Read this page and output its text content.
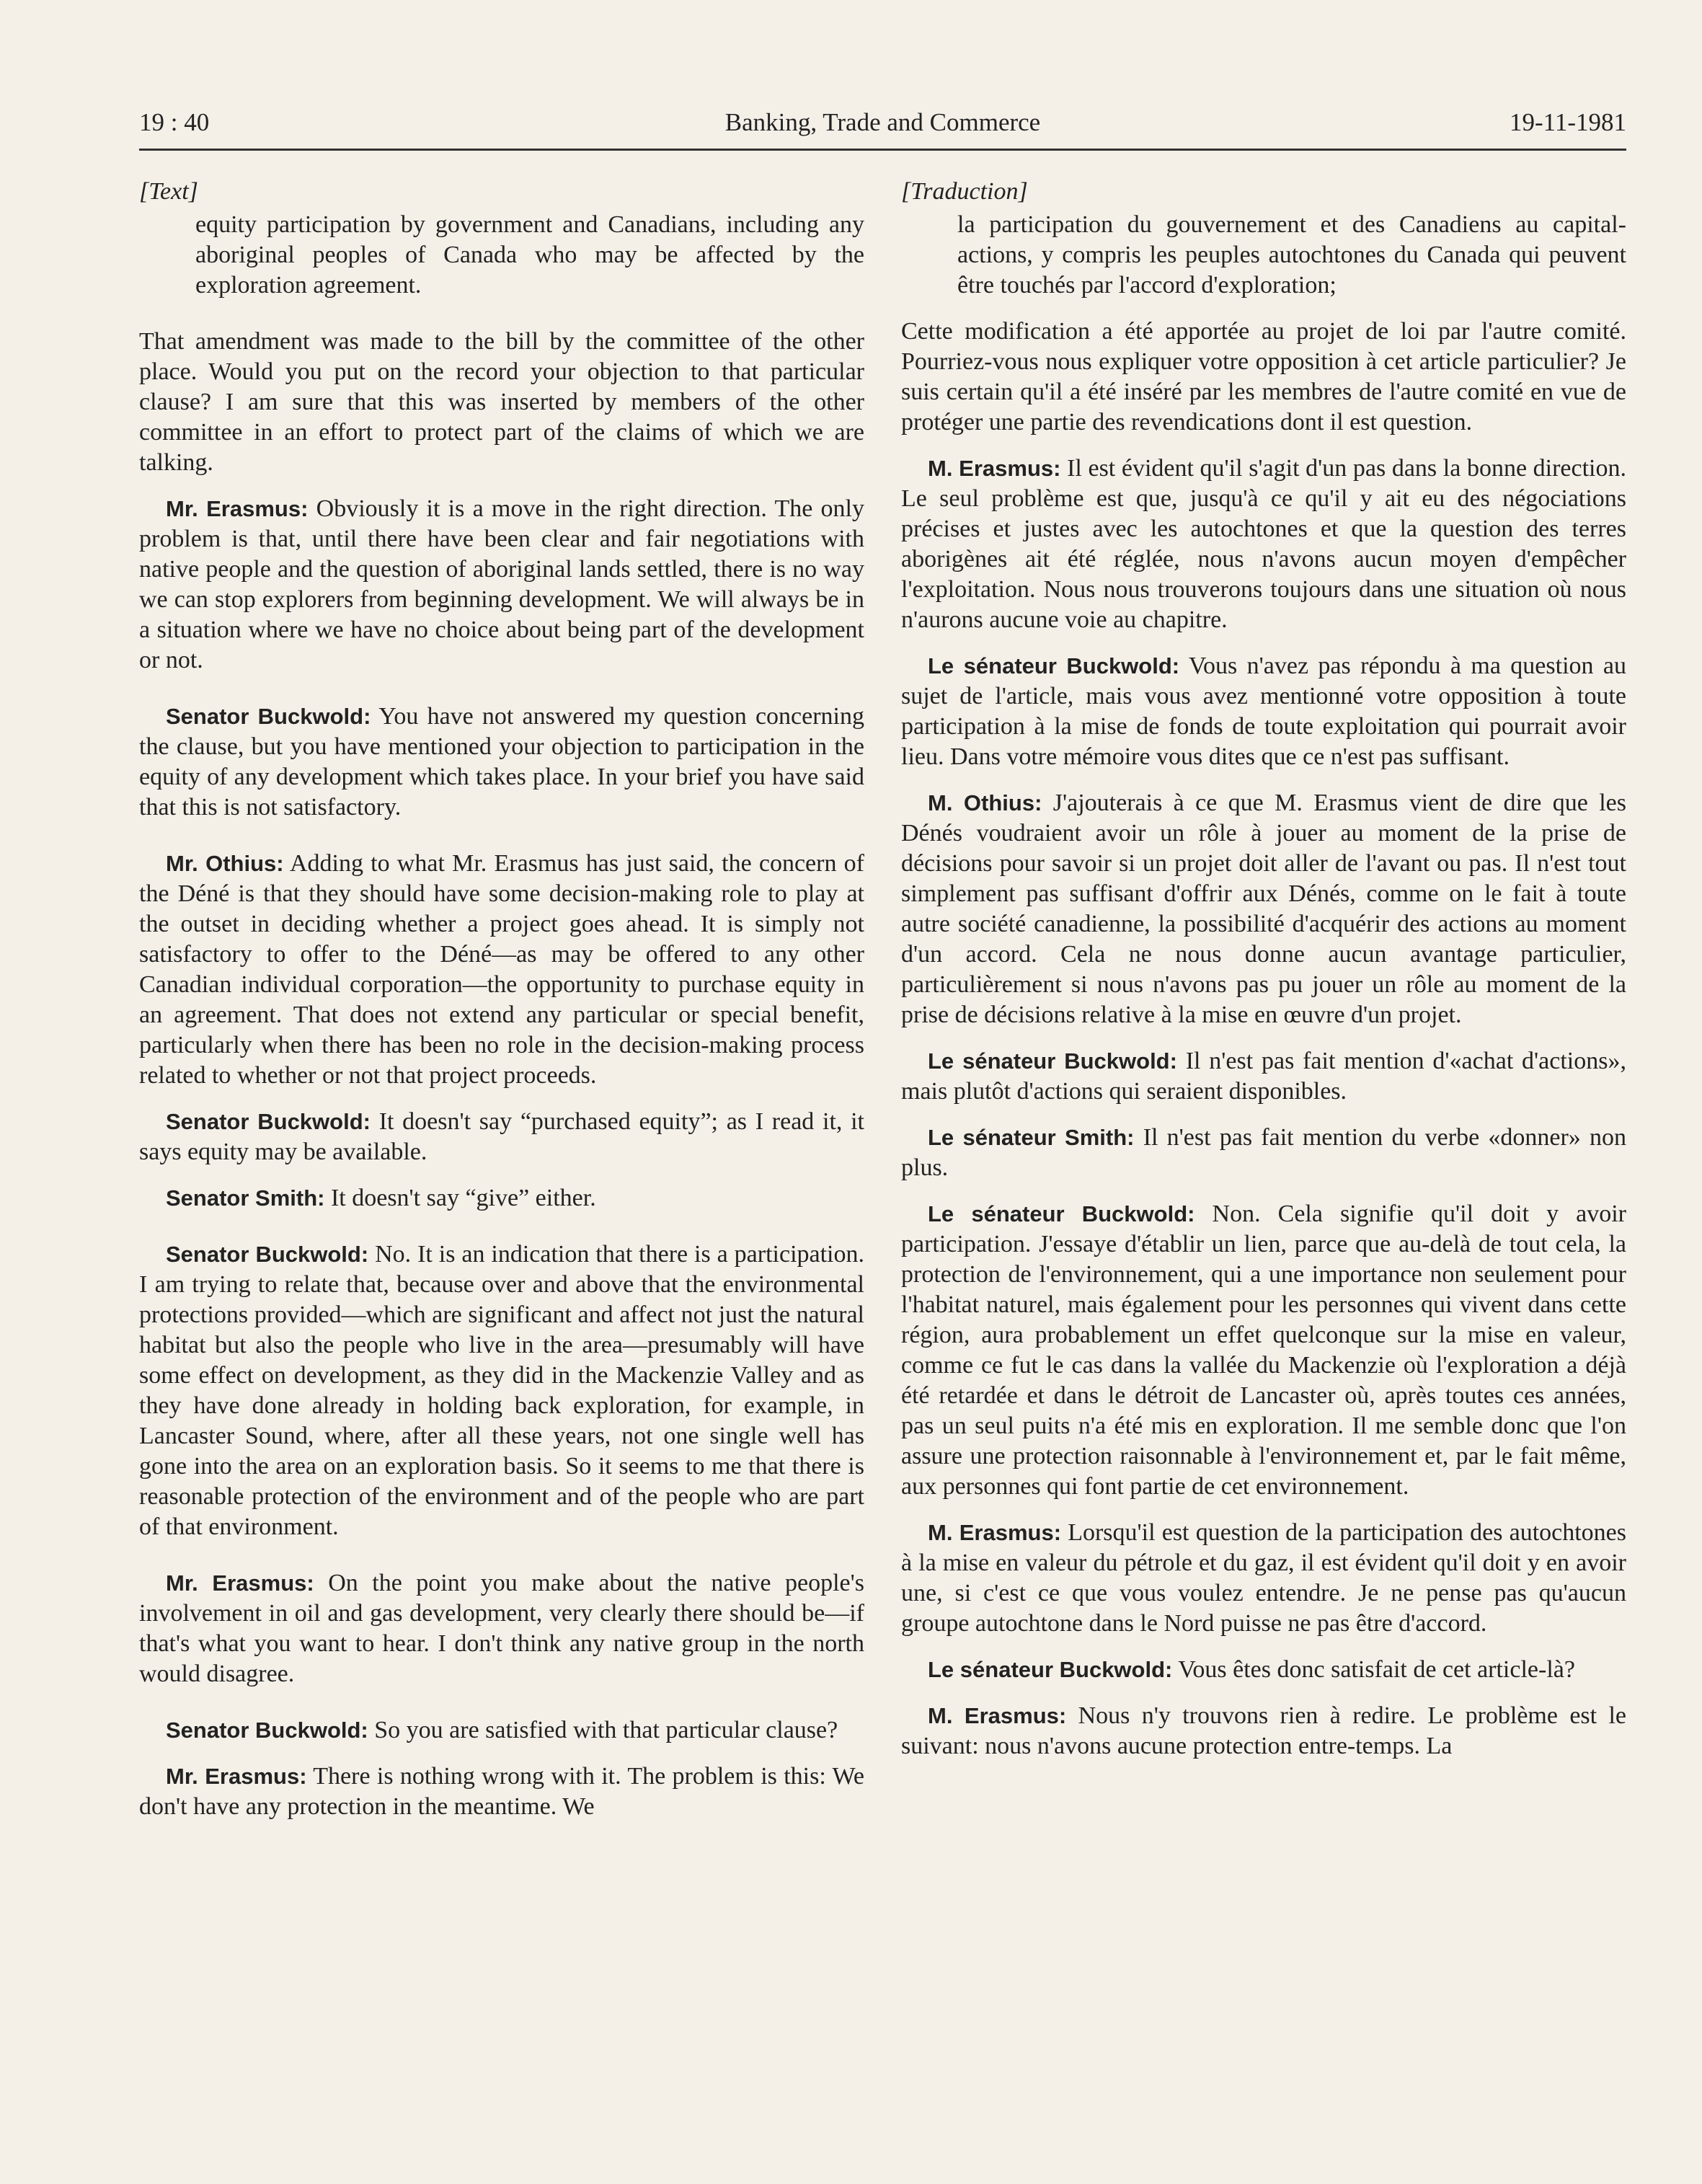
19 : 40	Banking, Trade and Commerce	19-11-1981

[ Text ]

equity participation by government and Canadians, including any aboriginal peoples of Canada who may be affected by the exploration agreement.

That amendment was made to the bill by the committee of the other place. Would you put on the record your objection to that particular clause? I am sure that this was inserted by members of the other committee in an effort to protect part of the claims of which we are talking.

Mr. Erasmus: Obviously it is a move in the right direction. The only problem is that, until there have been clear and fair negotiations with native people and the question of aboriginal lands settled, there is no way we can stop explorers from beginning development. We will always be in a situation where we have no choice about being part of the development or not.

Senator Buckwold: You have not answered my question concerning the clause, but you have mentioned your objection to participation in the equity of any development which takes place. In your brief you have said that this is not satisfactory.

Mr. Othius: Adding to what Mr. Erasmus has just said, the concern of the Déné is that they should have some decision-making role to play at the outset in deciding whether a project goes ahead. It is simply not satisfactory to offer to the Déné—as may be offered to any other Canadian individual corporation—the opportunity to purchase equity in an agreement. That does not extend any particular or special benefit, particularly when there has been no role in the decision-making process related to whether or not that project proceeds.

Senator Buckwold: It doesn't say “purchased equity”; as I read it, it says equity may be available.

Senator Smith: It doesn't say “give” either.

Senator Buckwold: No. It is an indication that there is a participation. I am trying to relate that, because over and above that the environmental protections provided—which are significant and affect not just the natural habitat but also the people who live in the area—presumably will have some effect on development, as they did in the Mackenzie Valley and as they have done already in holding back exploration, for example, in Lancaster Sound, where, after all these years, not one single well has gone into the area on an exploration basis. So it seems to me that there is reasonable protection of the environment and of the people who are part of that environment.

Mr. Erasmus: On the point you make about the native people's involvement in oil and gas development, very clearly there should be—if that's what you want to hear. I don't think any native group in the north would disagree.

Senator Buckwold: So you are satisfied with that particular clause?

Mr. Erasmus: There is nothing wrong with it. The problem is this: We don't have any protection in the meantime. We

[ Traduction ]

la participation du gouvernement et des Canadiens au capital-actions, y compris les peuples autochtones du Canada qui peuvent être touchés par l'accord d'exploration;

Cette modification a été apportée au projet de loi par l'autre comité. Pourriez-vous nous expliquer votre opposition à cet article particulier? Je suis certain qu'il a été inséré par les membres de l'autre comité en vue de protéger une partie des revendications dont il est question.

M. Erasmus: Il est évident qu'il s'agit d'un pas dans la bonne direction. Le seul problème est que, jusqu'à ce qu'il y ait eu des négociations précises et justes avec les autochtones et que la question des terres aborigènes ait été réglée, nous n'avons aucun moyen d'empêcher l'exploitation. Nous nous trouverons toujours dans une situation où nous n'aurons aucune voie au chapitre.

Le sénateur Buckwold: Vous n'avez pas répondu à ma question au sujet de l'article, mais vous avez mentionné votre opposition à toute participation à la mise de fonds de toute exploitation qui pourrait avoir lieu. Dans votre mémoire vous dites que ce n'est pas suffisant.

M. Othius: J'ajouterais à ce que M. Erasmus vient de dire que les Dénés voudraient avoir un rôle à jouer au moment de la prise de décisions pour savoir si un projet doit aller de l'avant ou pas. Il n'est tout simplement pas suffisant d'offrir aux Dénés, comme on le fait à toute autre société canadienne, la possibilité d'acquérir des actions au moment d'un accord. Cela ne nous donne aucun avantage particulier, particulièrement si nous n'avons pas pu jouer un rôle au moment de la prise de décisions relative à la mise en œuvre d'un projet.

Le sénateur Buckwold: Il n'est pas fait mention d'«achat d'actions», mais plutôt d'actions qui seraient disponibles.

Le sénateur Smith: Il n'est pas fait mention du verbe «donner» non plus.

Le sénateur Buckwold: Non. Cela signifie qu'il doit y avoir participation. J'essaye d'établir un lien, parce que au-delà de tout cela, la protection de l'environnement, qui a une importance non seulement pour l'habitat naturel, mais également pour les personnes qui vivent dans cette région, aura probablement un effet quelconque sur la mise en valeur, comme ce fut le cas dans la vallée du Mackenzie où l'exploration a déjà été retardée et dans le détroit de Lancaster où, après toutes ces années, pas un seul puits n'a été mis en exploration. Il me semble donc que l'on assure une protection raisonnable à l'environnement et, par le fait même, aux personnes qui font partie de cet environnement.

M. Erasmus: Lorsqu'il est question de la participation des autochtones à la mise en valeur du pétrole et du gaz, il est évident qu'il doit y en avoir une, si c'est ce que vous voulez entendre. Je ne pense pas qu'aucun groupe autochtone dans le Nord puisse ne pas être d'accord.

Le sénateur Buckwold: Vous êtes donc satisfait de cet article-là?

M. Erasmus: Nous n'y trouvons rien à redire. Le problème est le suivant: nous n'avons aucune protection entre-temps. La
